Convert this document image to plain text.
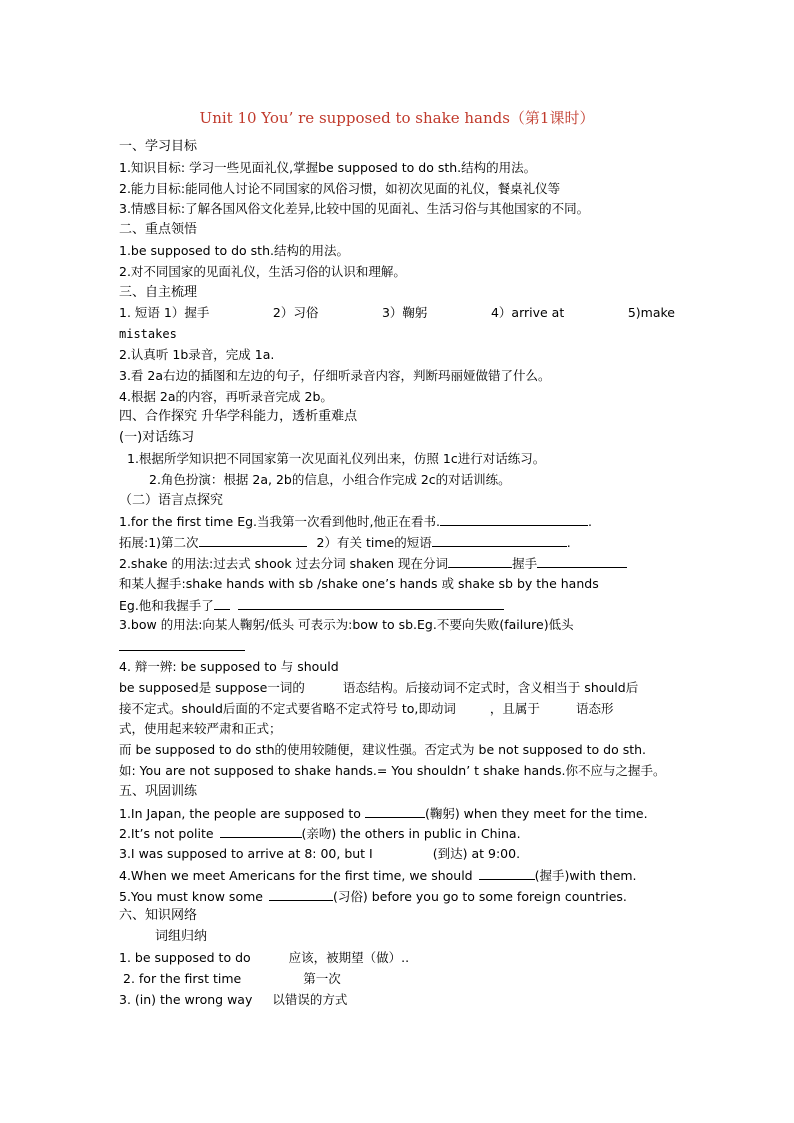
Unit 10 You’ re supposed to shake hands（第1课时）
一、学习目标
1.知识目标: 学习一些见面礼仪,掌握be supposed to do sth.结构的用法。
2.能力目标:能同他人讨论不同国家的风俗习惯，如初次见面的礼仪，餐桌礼仪等
3.情感目标:了解各国风俗文化差异,比较中国的见面礼、生活习俗与其他国家的不同。
二、重点领悟
1.be supposed to do sth.结构的用法。
2.对不同国家的见面礼仪，生活习俗的认识和理解。
三、自主梳理
1. 短语 1）握手	2）习俗	3）鞠躬	4）arrive at	5)make
mistakes
2.认真听 1b录音，完成 1a.
3.看 2a右边的插图和左边的句子，仔细听录音内容，判断玛丽娅做错了什么。
4.根据 2a的内容，再听录音完成 2b。
四、合作探究 升华学科能力，透析重难点
(一)对话练习
1.根据所学知识把不同国家第一次见面礼仪列出来，仿照 1c进行对话练习。
2.角色扮演：根据 2a, 2b的信息，小组合作完成 2c的对话训练。
（二）语言点探究
1.for the first time Eg.当我第一次看到他时,他正在看书.	.
拓展:1)第二次	2）有关 time的短语	.
2.shake 的用法:过去式 shook 过去分词 shaken 现在分词	握手
和某人握手:shake hands with sb /shake one’s hands 或 shake sb by the hands
Eg.他和我握手了
3.bow 的用法:向某人鞠躬/低头 可表示为:bow to sb.Eg.不要向失败(failure)低头
4. 辩一辨: be supposed to 与 should
be supposed是 suppose一词的	语态结构。后接动词不定式时，含义相当于 should后
接不定式。should后面的不定式要省略不定式符号 to,即动词	，且属于	语态形
式，使用起来较严肃和正式；
而 be supposed to do sth的使用较随便，建议性强。否定式为 be not supposed to do sth.
如: You are not supposed to shake hands.= You shouldn’ t shake hands.你不应与之握手。
五、巩固训练
1.In Japan, the people are supposed to	(鞠躬) when they meet for the time.
2.It’s not polite	(亲吻) the others in public in China.
3.I was supposed to arrive at 8: 00, but I	(到达) at 9:00.
4.When we meet Americans for the first time, we should	(握手)with them.
5.You must know some	(习俗) before you go to some foreign countries.
六、知识网络
词组归纳
1. be supposed to do	应该，被期望（做）..
2. for the first time	第一次
3. (in) the wrong way 以错误的方式
